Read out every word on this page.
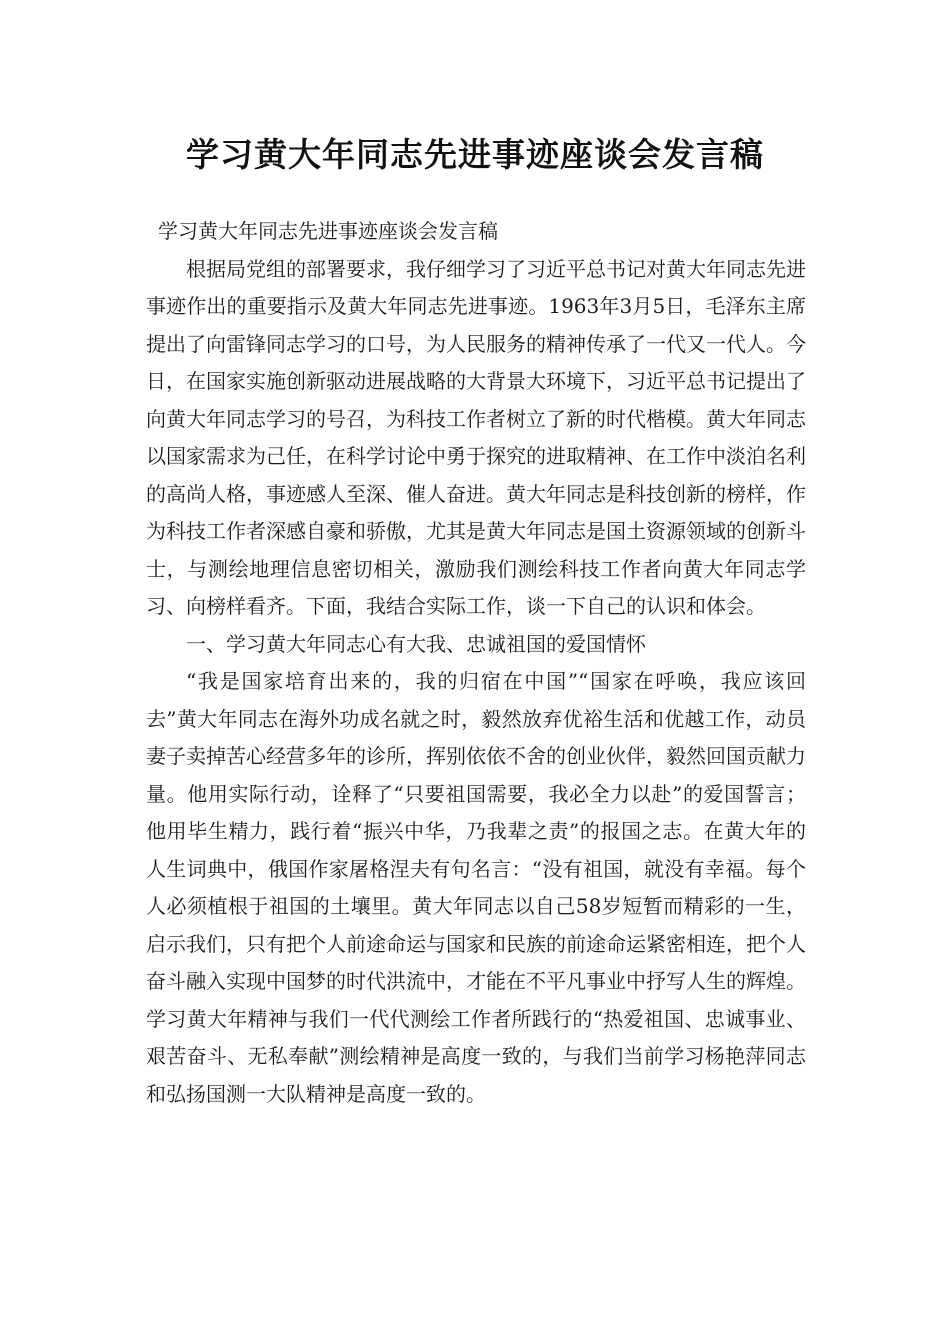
学习黄大年同志先进事迹座谈会发言稿

学习黄大年同志先进事迹座谈会发言稿

根据局党组的部署要求，我仔细学习了习近平总书记对黄大年同志先进事迹作出的重要指示及黄大年同志先进事迹。1963年3月5日，毛泽东主席提出了向雷锋同志学习的口号，为人民服务的精神传承了一代又一代人。今日，在国家实施创新驱动进展战略的大背景大环境下，习近平总书记提出了向黄大年同志学习的号召，为科技工作者树立了新的时代楷模。黄大年同志以国家需求为己任，在科学讨论中勇于探究的进取精神、在工作中淡泊名利的高尚人格，事迹感人至深、催人奋进。黄大年同志是科技创新的榜样，作为科技工作者深感自豪和骄傲，尤其是黄大年同志是国土资源领域的创新斗士，与测绘地理信息密切相关，激励我们测绘科技工作者向黄大年同志学习、向榜样看齐。下面，我结合实际工作，谈一下自己的认识和体会。

一、学习黄大年同志心有大我、忠诚祖国的爱国情怀

“我是国家培育出来的，我的归宿在中国”“国家在呼唤，我应该回去”黄大年同志在海外功成名就之时，毅然放弃优裕生活和优越工作，动员妻子卖掉苦心经营多年的诊所，挥别依依不舍的创业伙伴，毅然回国贡献力量。他用实际行动，诠释了“只要祖国需要，我必全力以赴”的爱国誓言；他用毕生精力，践行着“振兴中华，乃我辈之责”的报国之志。在黄大年的人生词典中，俄国作家屠格涅夫有句名言：“没有祖国，就没有幸福。每个人必须植根于祖国的土壤里。黄大年同志以自己58岁短暂而精彩的一生，启示我们，只有把个人前途命运与国家和民族的前途命运紧密相连，把个人奋斗融入实现中国梦的时代洪流中，才能在不平凡事业中抒写人生的辉煌。学习黄大年精神与我们一代代测绘工作者所践行的“热爱祖国、忠诚事业、艰苦奋斗、无私奉献”测绘精神是高度一致的，与我们当前学习杨艳萍同志和弘扬国测一大队精神是高度一致的。
